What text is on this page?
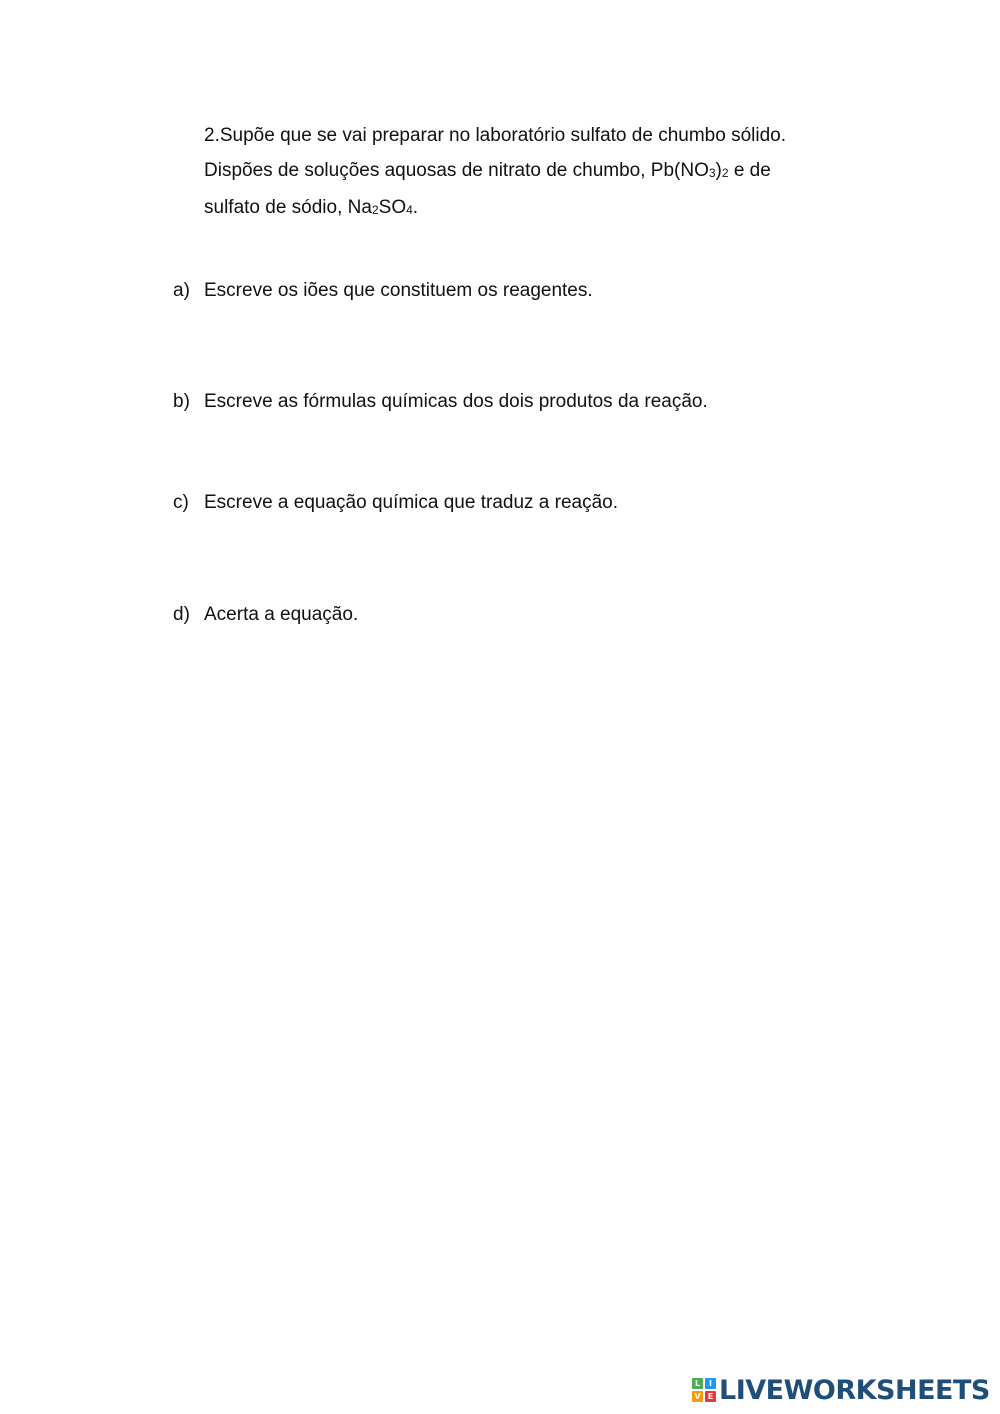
2.Supõe que se vai preparar no laboratório sulfato de chumbo sólido.
Dispões de soluções aquosas de nitrato de chumbo, Pb(NO3)2 e de
sulfato de sódio, Na2SO4.
a) Escreve os iões que constituem os reagentes.
b) Escreve as fórmulas químicas dos dois produtos da reação.
c) Escreve a equação química que traduz a reação.
d) Acerta a equação.
L	I
V E LIVEWORKSHEETS
